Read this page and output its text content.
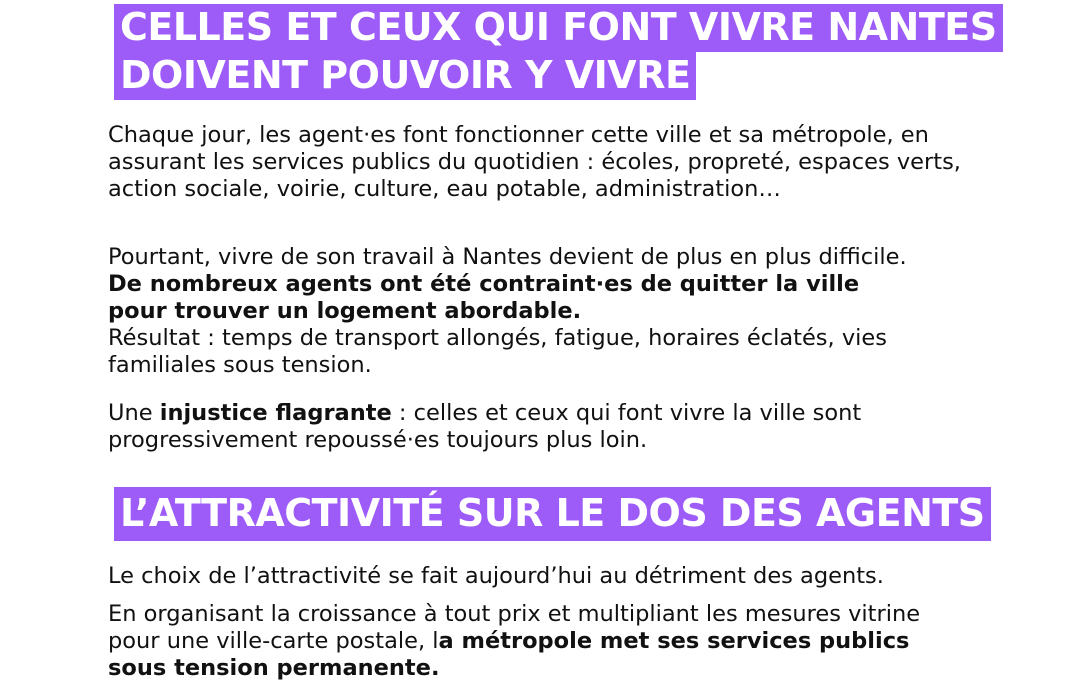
CELLES ET CEUX QUI FONT VIVRE NANTES
DOIVENT POUVOIR Y VIVRE

Chaque jour, les agent·es font fonctionner cette ville et sa métropole, en assurant les services publics du quotidien : écoles, propreté, espaces verts, action sociale, voirie, culture, eau potable, administration…

Pourtant, vivre de son travail à Nantes devient de plus en plus difficile.
De nombreux agents ont été contraint·es de quitter la ville pour trouver un logement abordable.
Résultat : temps de transport allongés, fatigue, horaires éclatés, vies familiales sous tension.

Une injustice flagrante : celles et ceux qui font vivre la ville sont progressivement repoussé·es toujours plus loin.

L’ATTRACTIVITÉ SUR LE DOS DES AGENTS

Le choix de l’attractivité se fait aujourd’hui au détriment des agents.

En organisant la croissance à tout prix et multipliant les mesures vitrine pour une ville-carte postale, la métropole met ses services publics sous tension permanente.
